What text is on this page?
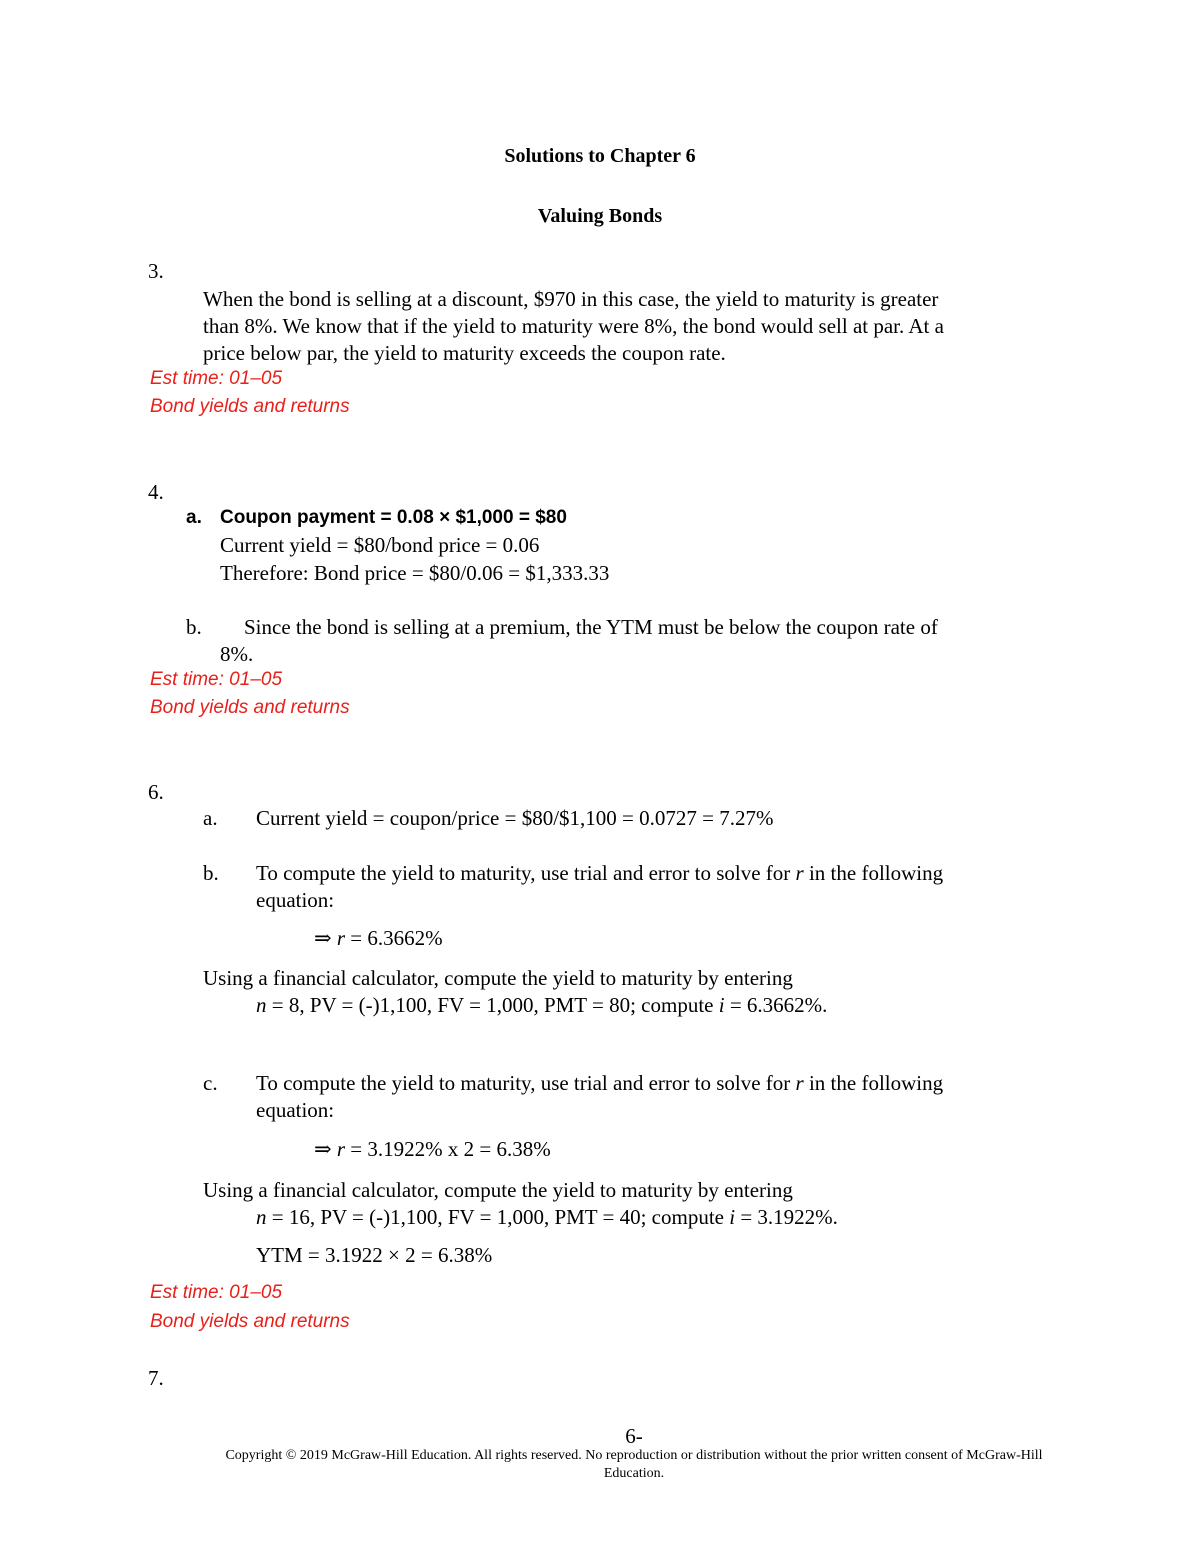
Solutions to Chapter 6
Valuing Bonds
3.
When the bond is selling at a discount, $970 in this case, the yield to maturity is greater
than 8%. We know that if the yield to maturity were 8%, the bond would sell at par. At a
price below par, the yield to maturity exceeds the coupon rate.
Est time: 01–05
Bond yields and returns
4.
a. Coupon payment = 0.08 × $1,000 = $80
Current yield = $80/bond price = 0.06
Therefore: Bond price = $80/0.06 = $1,333.33
b. Since the bond is selling at a premium, the YTM must be below the coupon rate of
8%.
Est time: 01–05
Bond yields and returns
6.
a. Current yield = coupon/price = $80/$1,100 = 0.0727 = 7.27%
b. To compute the yield to maturity, use trial and error to solve for r in the following
equation:
⇒ r = 6.3662%
Using a financial calculator, compute the yield to maturity by entering
n = 8, PV = (-)1,100, FV = 1,000, PMT = 80; compute i = 6.3662%.
c. To compute the yield to maturity, use trial and error to solve for r in the following
equation:
⇒ r = 3.1922% x 2 = 6.38%
Using a financial calculator, compute the yield to maturity by entering
n = 16, PV = (-)1,100, FV = 1,000, PMT = 40; compute i = 3.1922%.
YTM = 3.1922 × 2 = 6.38%
Est time: 01–05
Bond yields and returns
7.
6-
Copyright © 2019 McGraw-Hill Education. All rights reserved. No reproduction or distribution without the prior written consent of McGraw-Hill
Education.
